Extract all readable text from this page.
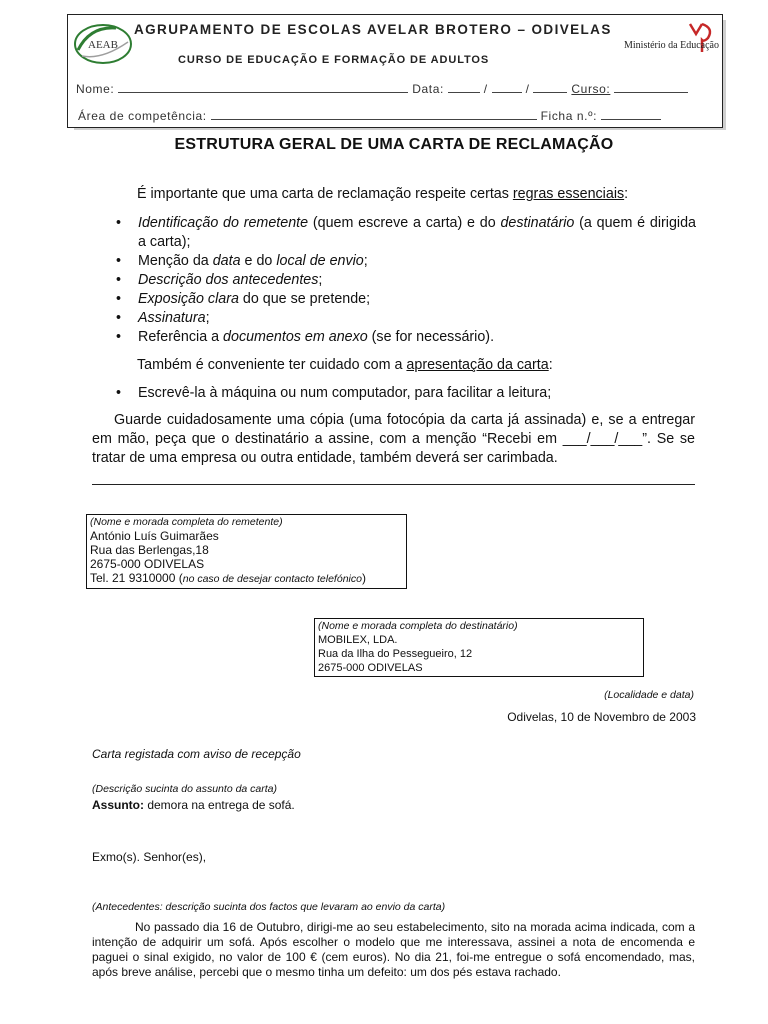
AEAB
AGRUPAMENTO DE ESCOLAS AVELAR BROTERO – ODIVELAS
CURSO DE EDUCAÇÃO E FORMAÇÃO DE ADULTOS
Ministério da Educação
Nome:	Data:	/	/	Curso:
Área de competência:	Ficha n.º:
ESTRUTURA GERAL DE UMA CARTA DE RECLAMAÇÃO
É importante que uma carta de reclamação respeite certas regras essenciais:
• Identificação do remetente (quem escreve a carta) e do destinatário (a quem é dirigida a carta);
• Menção da data e do local de envio;
• Descrição dos antecedentes;
• Exposição clara do que se pretende;
• Assinatura;
• Referência a documentos em anexo (se for necessário).
Também é conveniente ter cuidado com a apresentação da carta:
• Escrevê-la à máquina ou num computador, para facilitar a leitura;
Guarde cuidadosamente uma cópia (uma fotocópia da carta já assinada) e, se a entregar em mão, peça que o destinatário a assine, com a menção “Recebi em ___/___/___”. Se se tratar de uma empresa ou outra entidade, também deverá ser carimbada.
(Nome e morada completa do remetente)
António Luís Guimarães
Rua das Berlengas,18
2675-000 ODIVELAS
Tel. 21 9310000 (no caso de desejar contacto telefónico)
(Nome e morada completa do destinatário)
MOBILEX, LDA.
Rua da Ilha do Pessegueiro, 12
2675-000 ODIVELAS
(Localidade e data)
Odivelas, 10 de Novembro de 2003
Carta registada com aviso de recepção
(Descrição sucinta do assunto da carta)
Assunto: demora na entrega de sofá.
Exmo(s). Senhor(es),
(Antecedentes: descrição sucinta dos factos que levaram ao envio da carta)
No passado dia 16 de Outubro, dirigi-me ao seu estabelecimento, sito na morada acima indicada, com a intenção de adquirir um sofá. Após escolher o modelo que me interessava, assinei a nota de encomenda e paguei o sinal exigido, no valor de 100 € (cem euros). No dia 21, foi-me entregue o sofá encomendado, mas, após breve análise, percebi que o mesmo tinha um defeito: um dos pés estava rachado.
